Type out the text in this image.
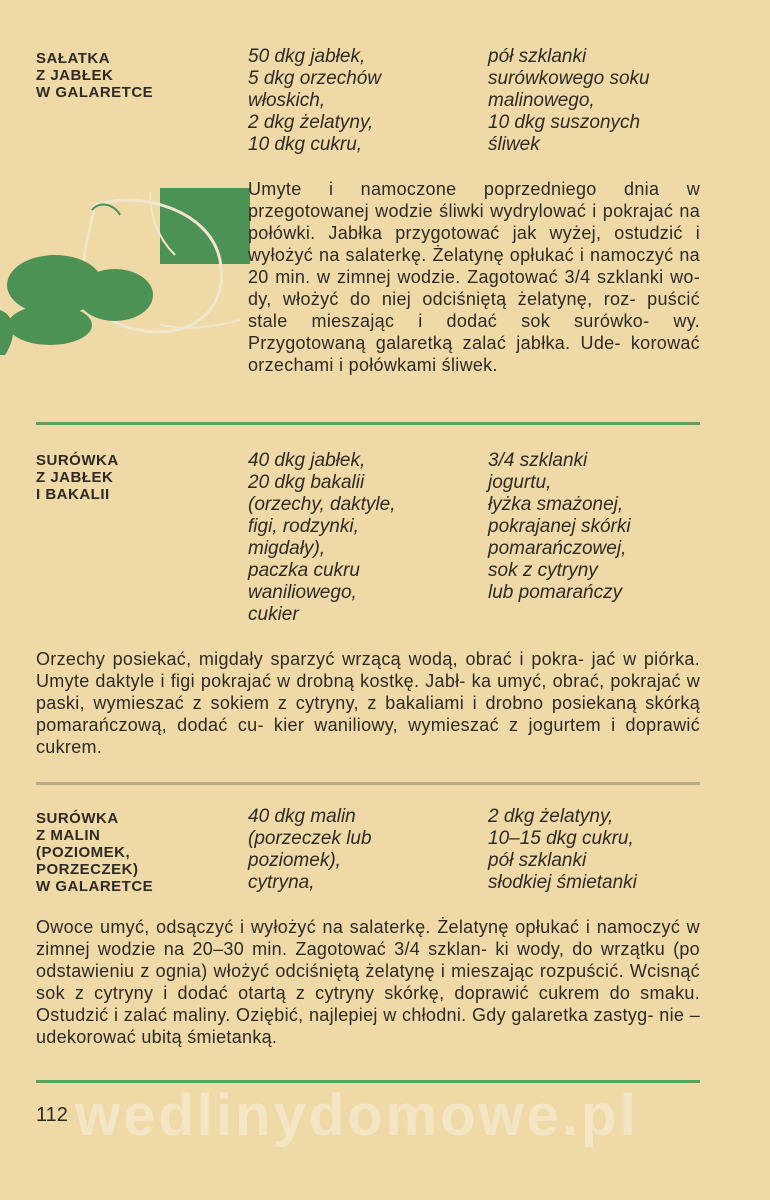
SAŁATKA
Z JABŁEK
W GALARETCE
50 dkg jabłek,
5 dkg orzechów
włoskich,
2 dkg żelatyny,
10 dkg cukru,
pół szklanki
surówkowego soku
malinowego,
10 dkg suszonych
śliwek
Umyte i namoczone poprzedniego dnia w przegotowanej wodzie śliwki wydrylować i pokrajać na połówki. Jabłka przygotować jak wyżej, ostudzić i wyłożyć na salaterkę. Żelatynę opłukać i namoczyć na 20 min. w zimnej wodzie. Zagotować 3/4 szklanki wo- dy, włożyć do niej odciśniętą żelatynę, roz- puścić stale mieszając i dodać sok surówko- wy. Przygotowaną galaretką zalać jabłka. Ude- korować orzechami i połówkami śliwek.
SURÓWKA
Z JABŁEK
I BAKALII
40 dkg jabłek,
20 dkg bakalii
(orzechy, daktyle,
figi, rodzynki,
migdały),
paczka cukru
waniliowego,
cukier
3/4 szklanki
jogurtu,
łyżka smażonej,
pokrajanej skórki
pomarańczowej,
sok z cytryny
lub pomarańczy
Orzechy posiekać, migdały sparzyć wrzącą wodą, obrać i pokra- jać w piórka. Umyte daktyle i figi pokrajać w drobną kostkę. Jabł- ka umyć, obrać, pokrajać w paski, wymieszać z sokiem z cytryny, z bakaliami i drobno posiekaną skórką pomarańczową, dodać cu- kier waniliowy, wymieszać z jogurtem i doprawić cukrem.
SURÓWKA
Z MALIN
(POZIOMEK,
PORZECZEK)
W GALARETCE
40 dkg malin
(porzeczek lub
poziomek),
cytryna,
2 dkg żelatyny,
10–15 dkg cukru,
pół szklanki
słodkiej śmietanki
Owoce umyć, odsączyć i wyłożyć na salaterkę. Żelatynę opłukać i namoczyć w zimnej wodzie na 20–30 min. Zagotować 3/4 szklan- ki wody, do wrzątku (po odstawieniu z ognia) włożyć odciśniętą żelatynę i mieszając rozpuścić. Wcisnąć sok z cytryny i dodać otartą z cytryny skórkę, doprawić cukrem do smaku. Ostudzić i zalać maliny. Oziębić, najlepiej w chłodni. Gdy galaretka zastyg- nie – udekorować ubitą śmietanką.
wedlinydomowe.pl
112
